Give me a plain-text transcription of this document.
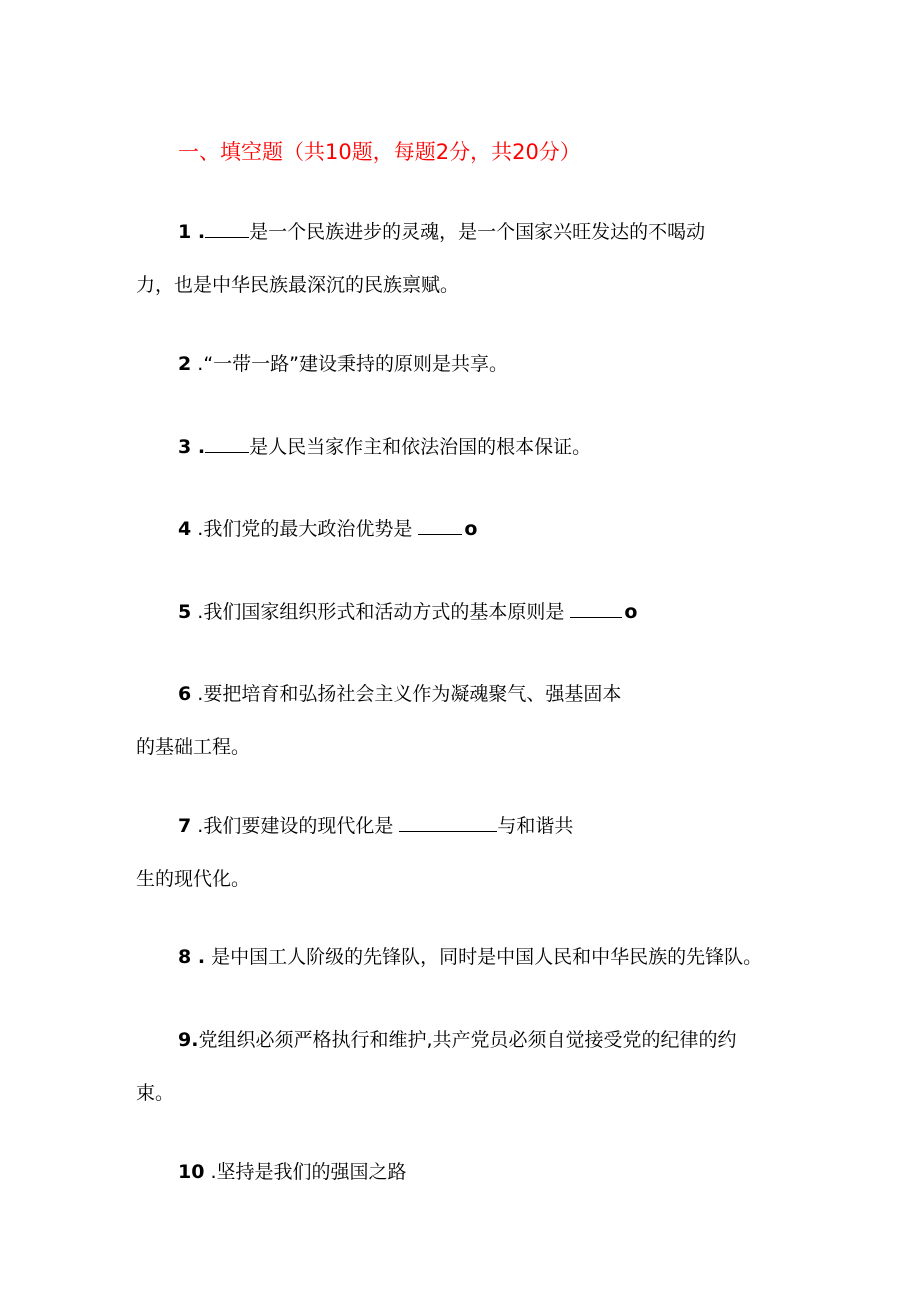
一、填空题（共10题，每题2分，共20分）
1 . 是一个民族进步的灵魂，是一个国家兴旺发达的不喝动
力，也是中华民族最深沉的民族禀赋。
2 .“一带一路”建设秉持的原则是共享。
3 . 是人民当家作主和依法治国的根本保证。
4 .我们党的最大政治优势是	o
5 .我们国家组织形式和活动方式的基本原则是	o
6 .要把培育和弘扬社会主义作为凝魂聚气、强基固本
的基础工程。
7 .我们要建设的现代化是	与和谐共
生的现代化。
8 . 是中国工人阶级的先锋队，同时是中国人民和中华民族的先锋队。
9.党组织必须严格执行和维护,共产党员必须自觉接受党的纪律的约
束。
10 .坚持是我们的强国之路
